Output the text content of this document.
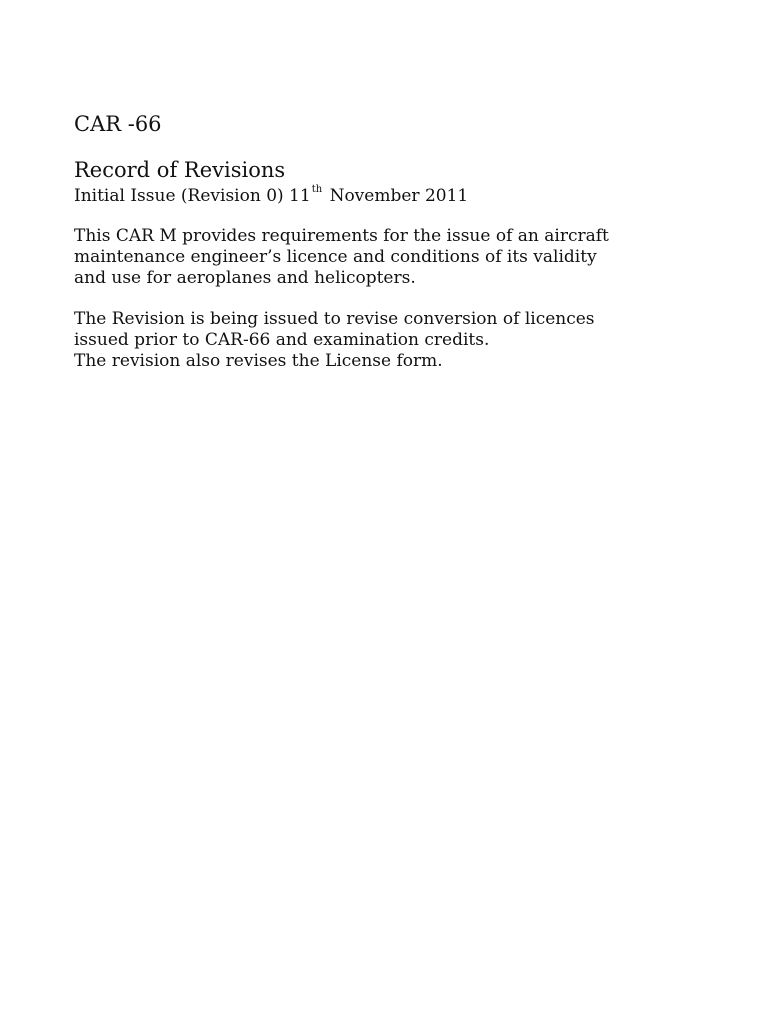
CAR -66
Record of Revisions

Initial Issue (Revision 0) 11th November 2011

This CAR M provides requirements for the issue of an aircraft
maintenance engineer’s licence and conditions of its validity
and use for aeroplanes and helicopters.

The Revision is being issued to revise conversion of licences
issued prior to CAR-66 and examination credits.
The revision also revises the License form.
